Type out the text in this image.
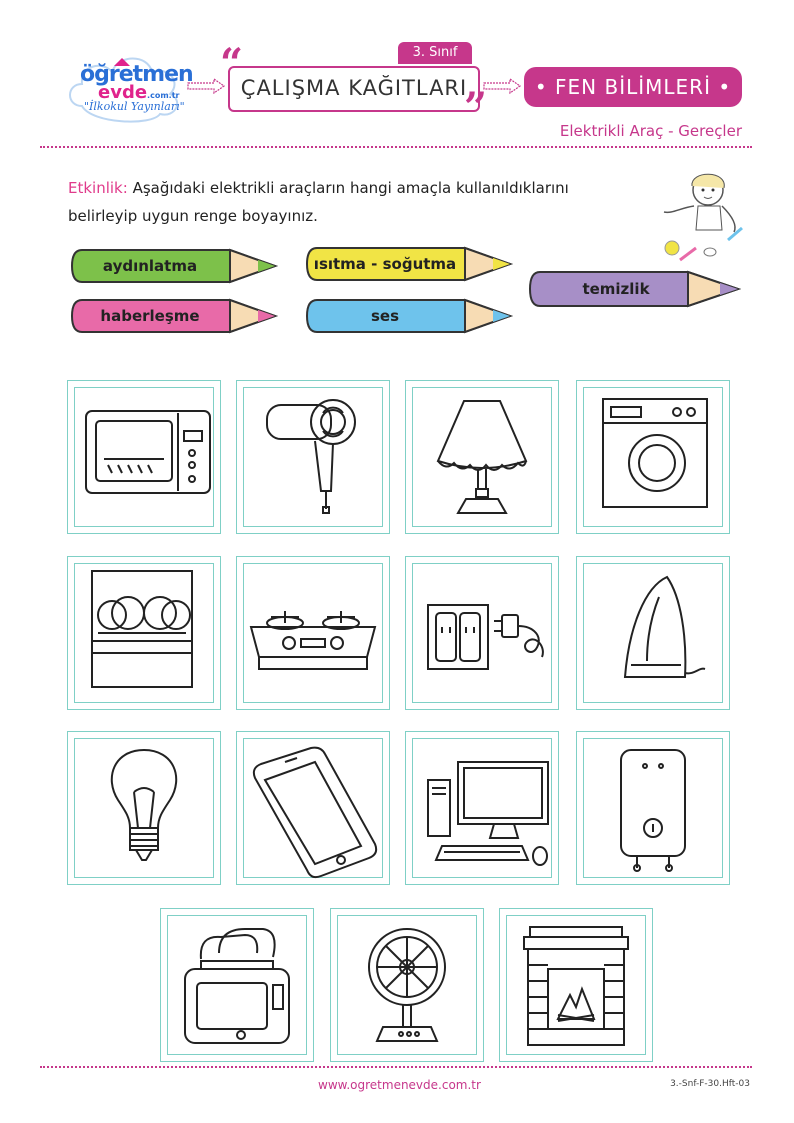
öğretmen
evde.com.tr
"İlkokul Yayınları"
3. Sınıf
“
”
ÇALIŞMA KAĞITLARI	• FEN BİLİMLERİ •
Elektrikli Araç - Gereçler
Etkinlik: Aşağıdaki elektrikli araçların hangi amaçla kullanıldıklarını belirleyip uygun renge boyayınız.
aydınlatma	ısıtma - soğutma
temizlik
haberleşme	ses
www.ogretmenevde.com.tr	3.-Snf-F-30.Hft-03
